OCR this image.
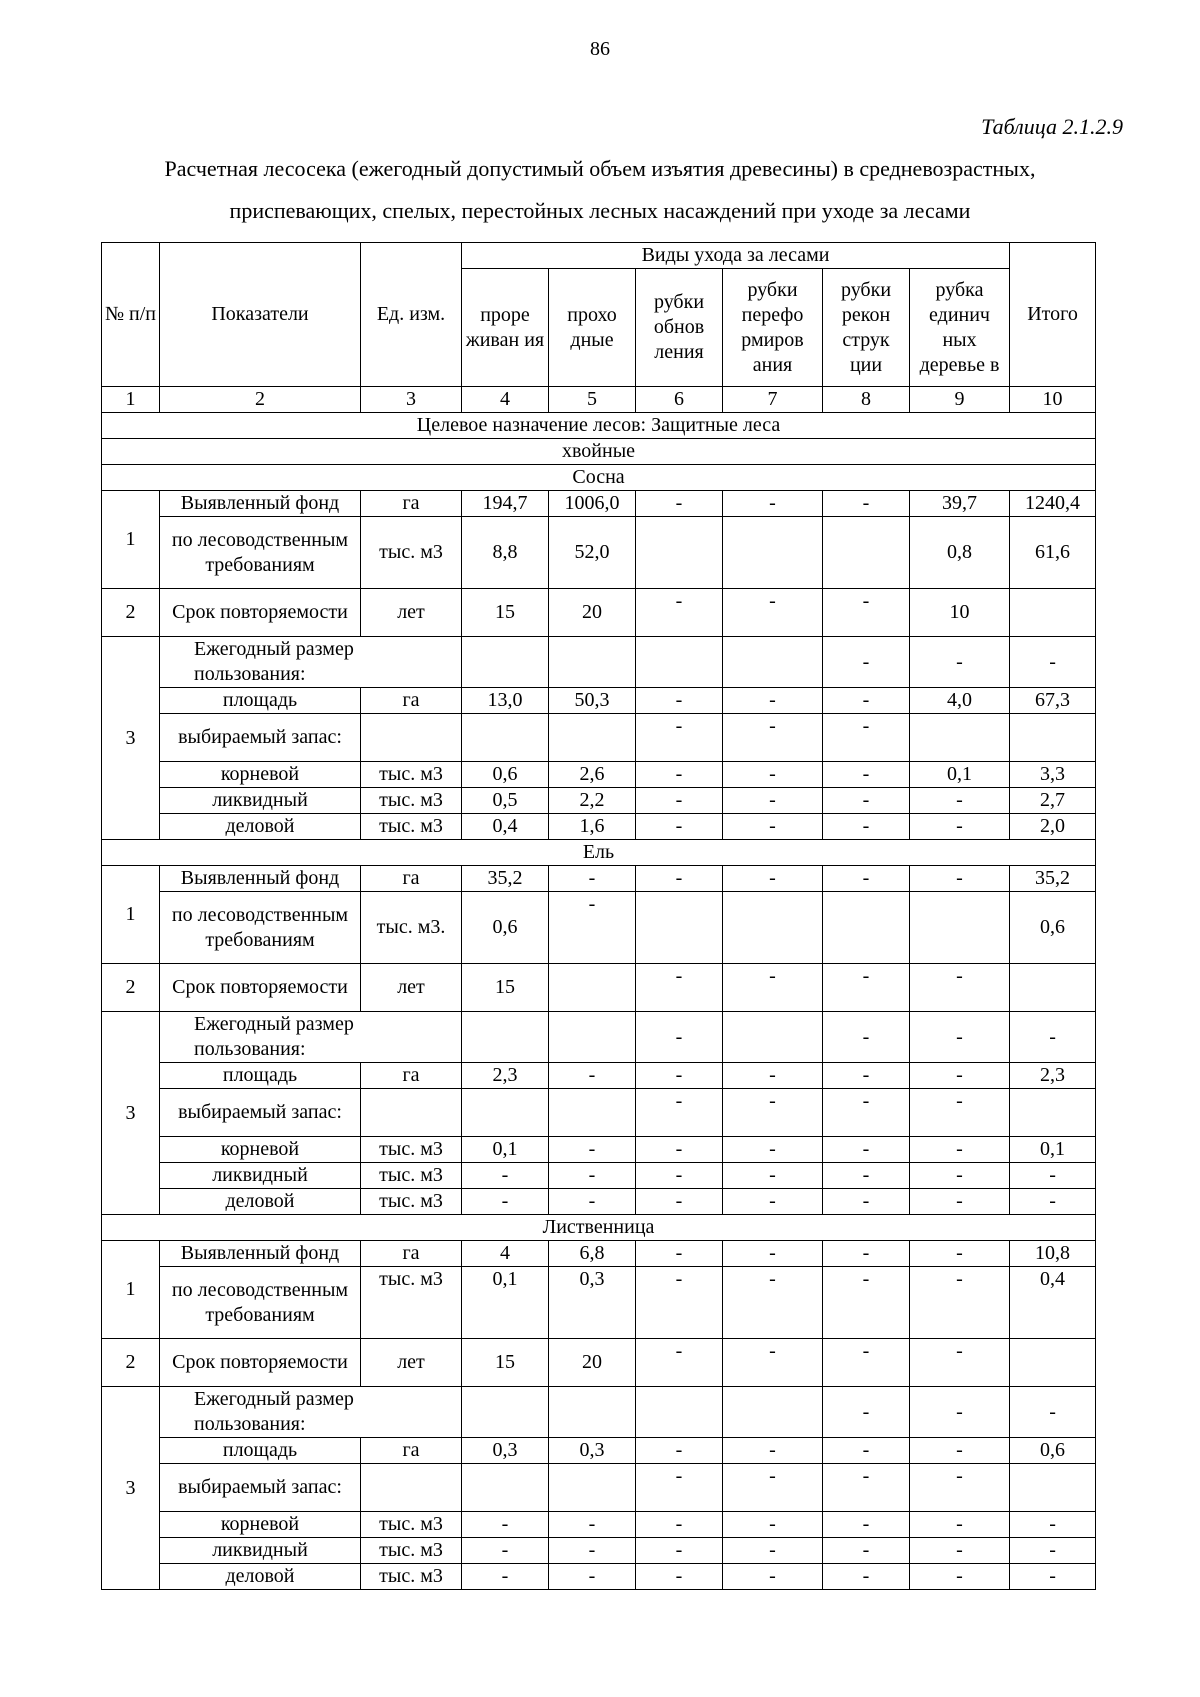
86
Таблица 2.1.2.9
Расчетная лесосека (ежегодный допустимый объем изъятия древесины) в средневозрастных,
приспевающих, спелых, перестойных лесных насаждений при уходе за лесами
№ п/п	Показатели	Ед. изм.	Виды ухода за лесами						Итого
			проре живан ия	прохо дные	рубки обнов ления	рубки перефо рмиров ания	рубки рекон струк ции	рубка единич ных деревье в	
1	2	3	4	5	6	7	8	9	10
Целевое назначение лесов: Защитные леса									
хвойные									
Сосна									
1	Выявленный фонд	га	194,7	1006,0	-	-	-	39,7	1240,4
	по лесоводственным требованиям	тыс. м3	8,8	52,0				0,8	61,6
2	Срок повторяемости	лет	15	20	-	-	-	10	
3	Ежегодный размер пользования:						-	-	-
	площадь	га	13,0	50,3	-	-	-	4,0	67,3
	выбираемый запас:				-	-	-		
	корневой	тыс. м3	0,6	2,6	-	-	-	0,1	3,3
	ликвидный	тыс. м3	0,5	2,2	-	-	-	-	2,7
	деловой	тыс. м3	0,4	1,6	-	-	-	-	2,0
Ель									
1	Выявленный фонд	га	35,2	-	-	-	-	-	35,2
	по лесоводственным требованиям	тыс. м3.	0,6	-					0,6
2	Срок повторяемости	лет	15		-	-	-	-	
3	Ежегодный размер пользования:				-		-	-	-
	площадь	га	2,3	-	-	-	-	-	2,3
	выбираемый запас:				-	-	-	-	
	корневой	тыс. м3	0,1	-	-	-	-	-	0,1
	ликвидный	тыс. м3	-	-	-	-	-	-	-
	деловой	тыс. м3	-	-	-	-	-	-	-
Лиственница									
1	Выявленный фонд	га	4	6,8	-	-	-	-	10,8
	по лесоводственным требованиям	тыс. м3	0,1	0,3	-	-	-	-	0,4
2	Срок повторяемости	лет	15	20	-	-	-	-	
3	Ежегодный размер пользования:						-	-	-
	площадь	га	0,3	0,3	-	-	-	-	0,6
	выбираемый запас:				-	-	-	-	
	корневой	тыс. м3	-	-	-	-	-	-	-
	ликвидный	тыс. м3	-	-	-	-	-	-	-
	деловой	тыс. м3	-	-	-	-	-	-	-
